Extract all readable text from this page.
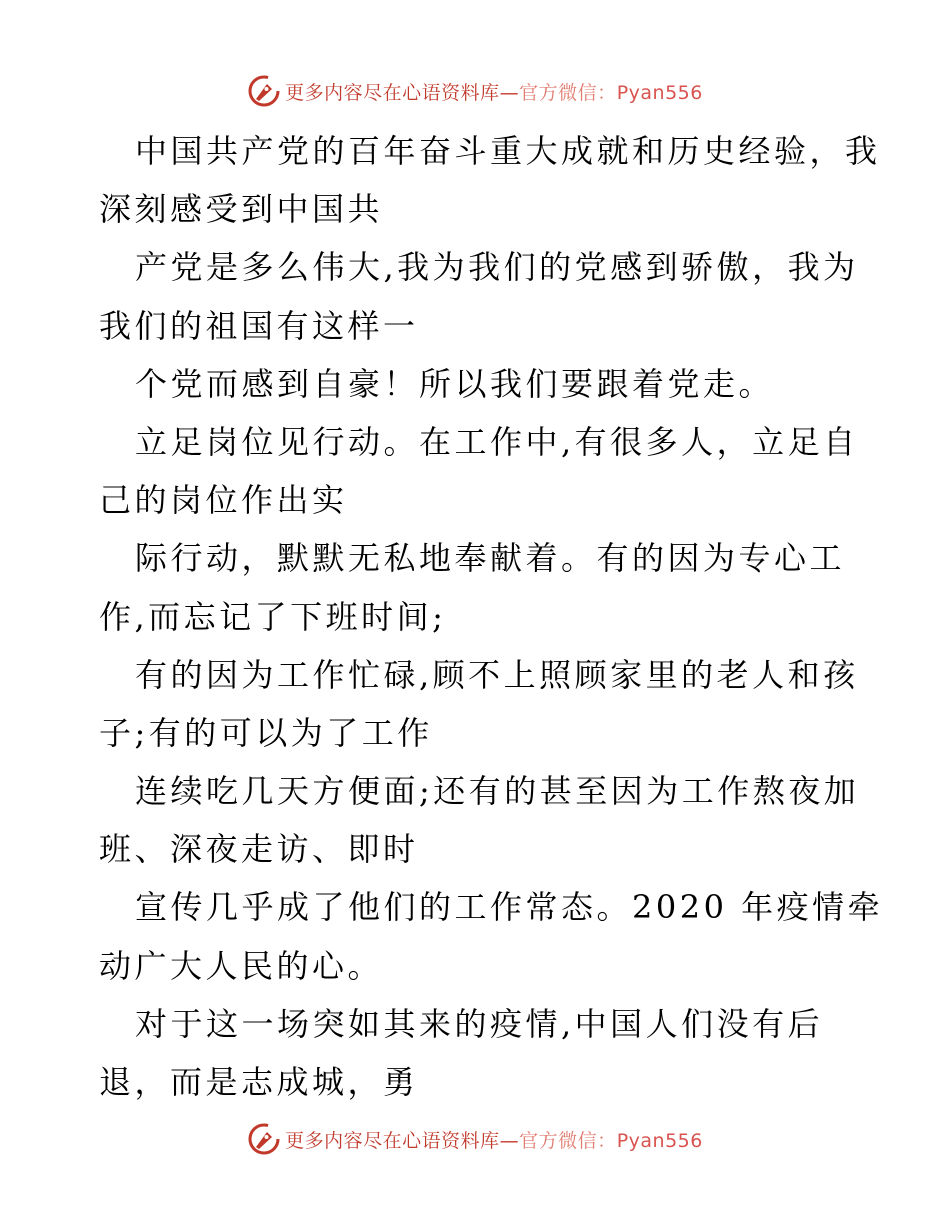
更多内容尽在心语资料库—官方微信：Pyan556
中国共产党的百年奋斗重大成就和历史经验，我
深刻感受到中国共
产党是多么伟大,我为我们的党感到骄傲，我为
我们的祖国有这样一
个党而感到自豪！所以我们要跟着党走。
立足岗位见行动。在工作中,有很多人，立足自
己的岗位作出实
际行动，默默无私地奉献着。有的因为专心工
作,而忘记了下班时间;
有的因为工作忙碌,顾不上照顾家里的老人和孩
子;有的可以为了工作
连续吃几天方便面;还有的甚至因为工作熬夜加
班、深夜走访、即时
宣传几乎成了他们的工作常态。2020 年疫情牵
动广大人民的心。
对于这一场突如其来的疫情,中国人们没有后
退，而是志成城，勇
更多内容尽在心语资料库—官方微信：Pyan556
